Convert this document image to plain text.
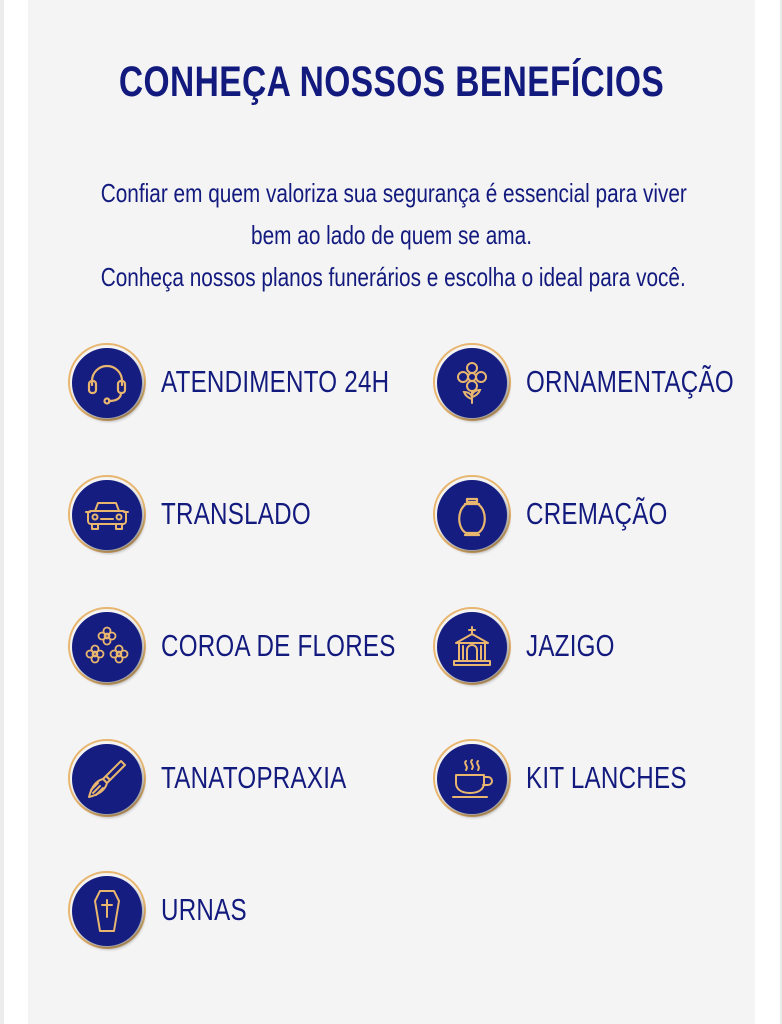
CONHEÇA NOSSOS BENEFÍCIOS
Confiar em quem valoriza sua segurança é essencial para viver
bem ao lado de quem se ama.
Conheça nossos planos funerários e escolha o ideal para você.
ATENDIMENTO 24H	ORNAMENTAÇÃO
TRANSLADO	CREMAÇÃO
COROA DE FLORES	JAZIGO
TANATOPRAXIA	KIT LANCHES
URNAS
